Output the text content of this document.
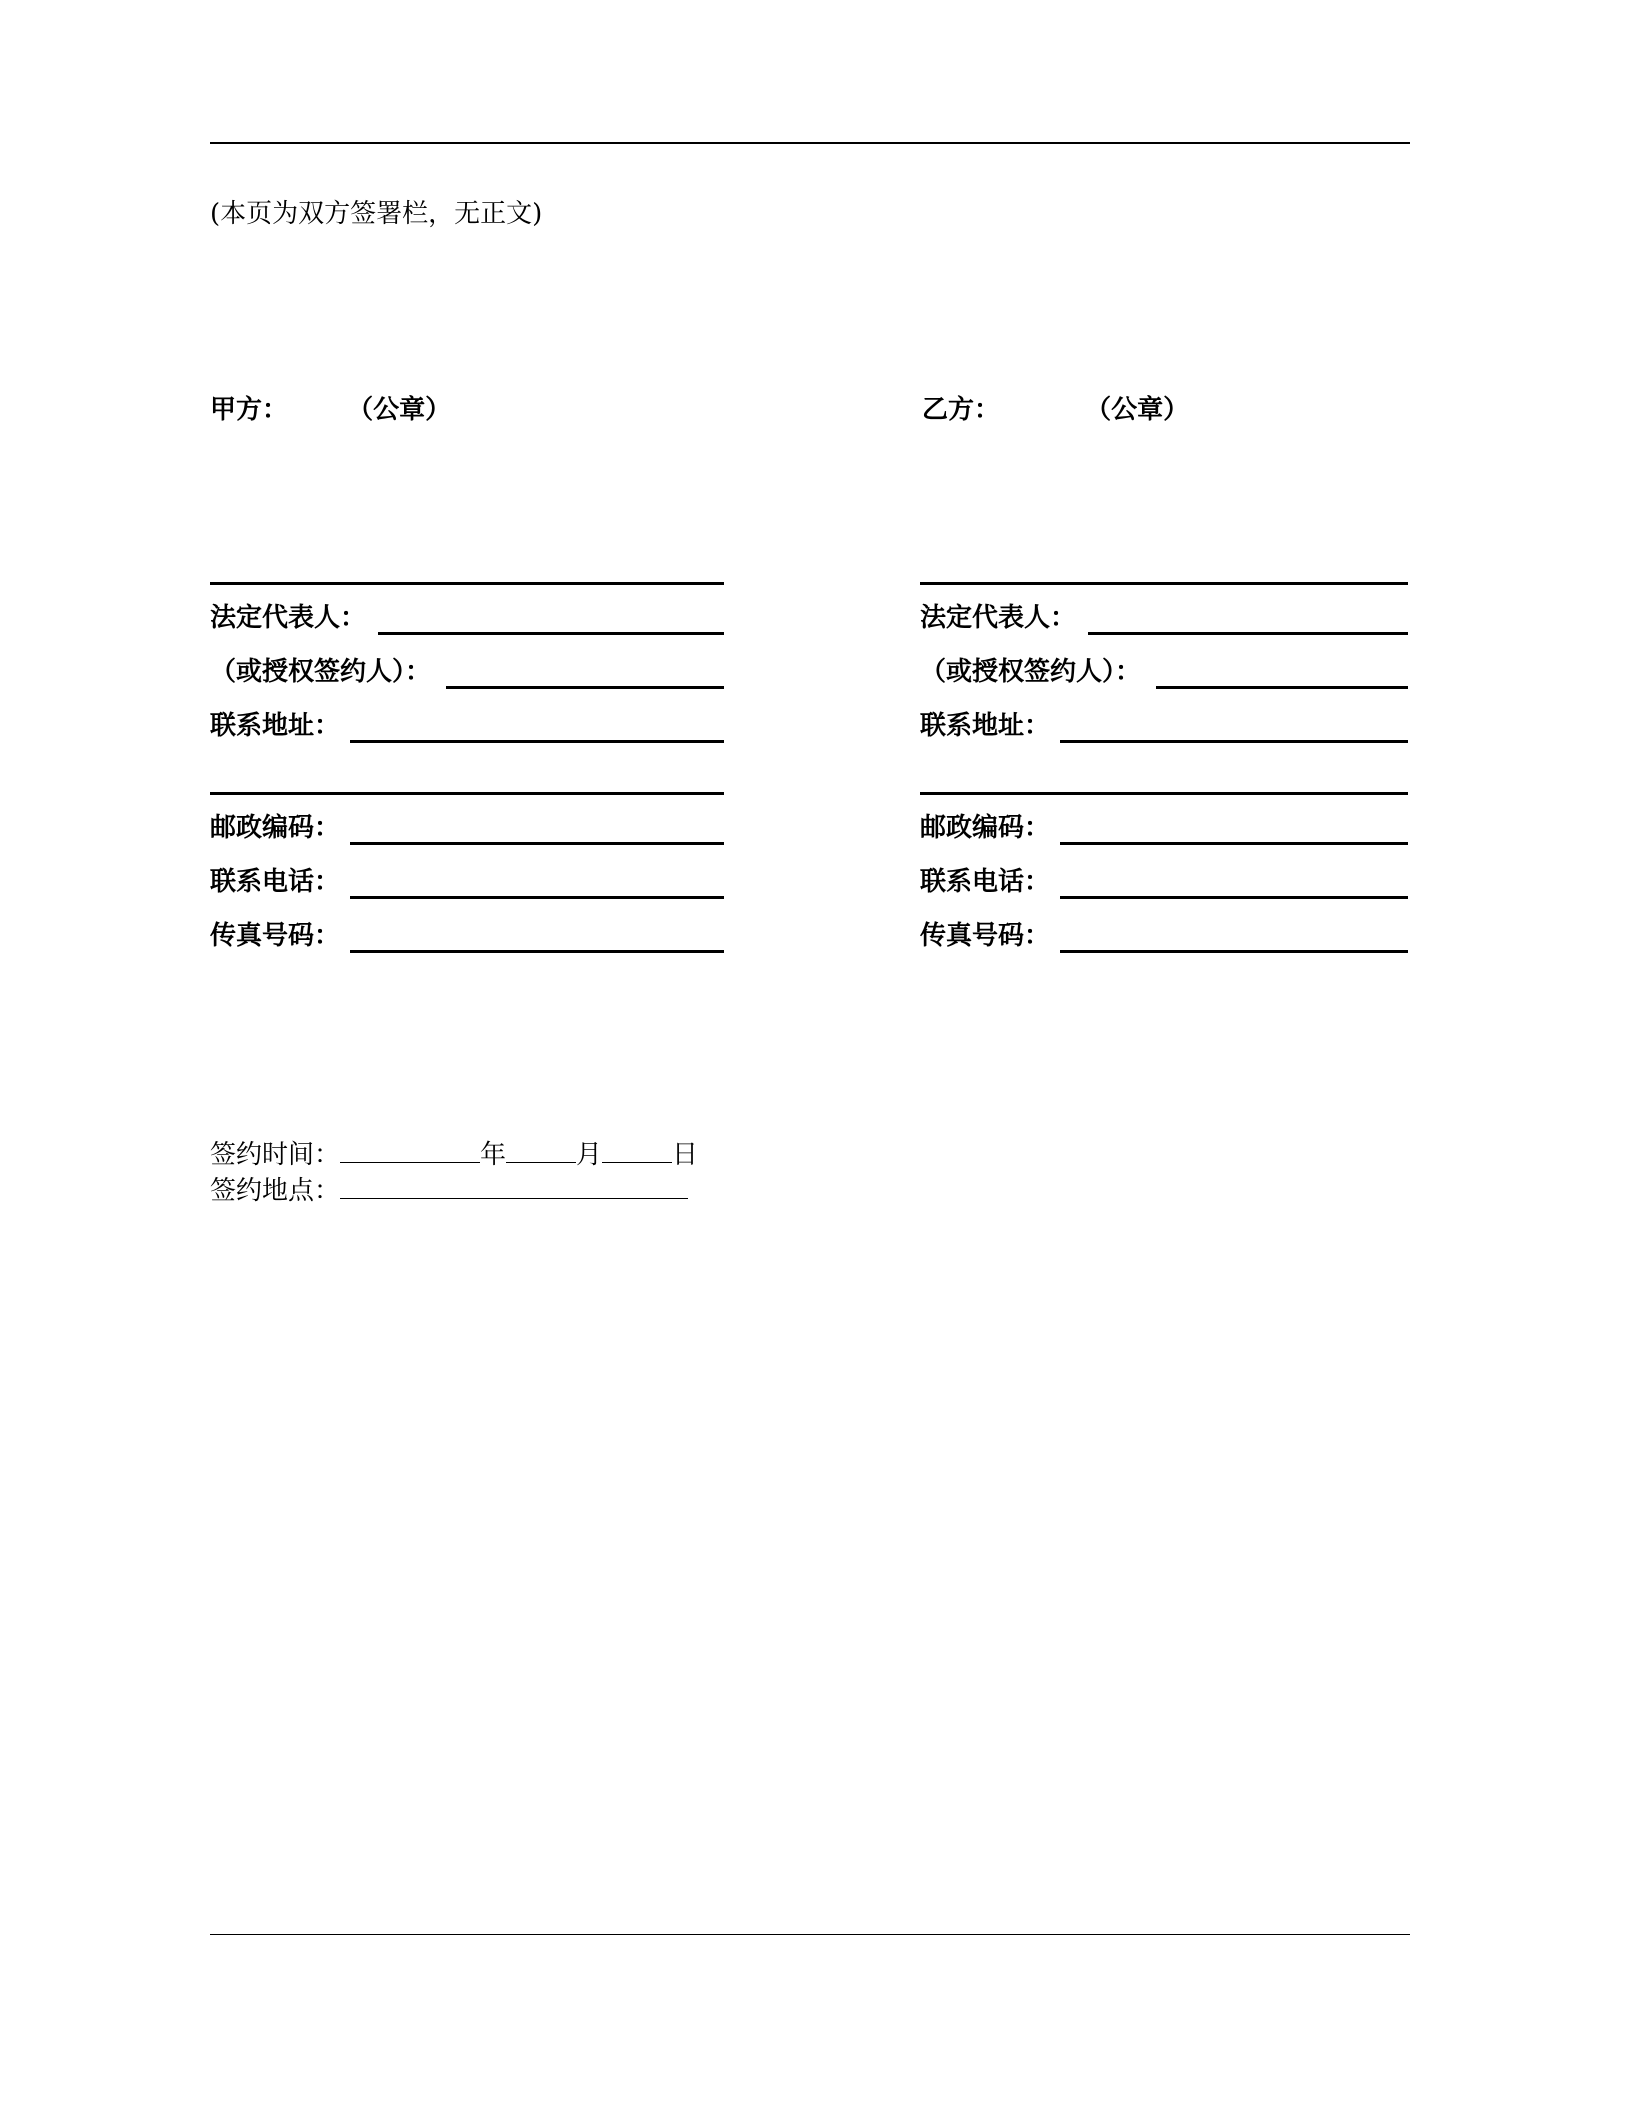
(本页为双方签署栏，无正文)
甲方： （公章）
法定代表人：
（或授权签约人）：
联系地址：
邮政编码：
联系电话：
传真号码：
乙方：	（公章）
法定代表人：
（或授权签约人）：
联系地址：
邮政编码：
联系电话：
传真号码：
签约时间：	年	月	日
签约地点：
